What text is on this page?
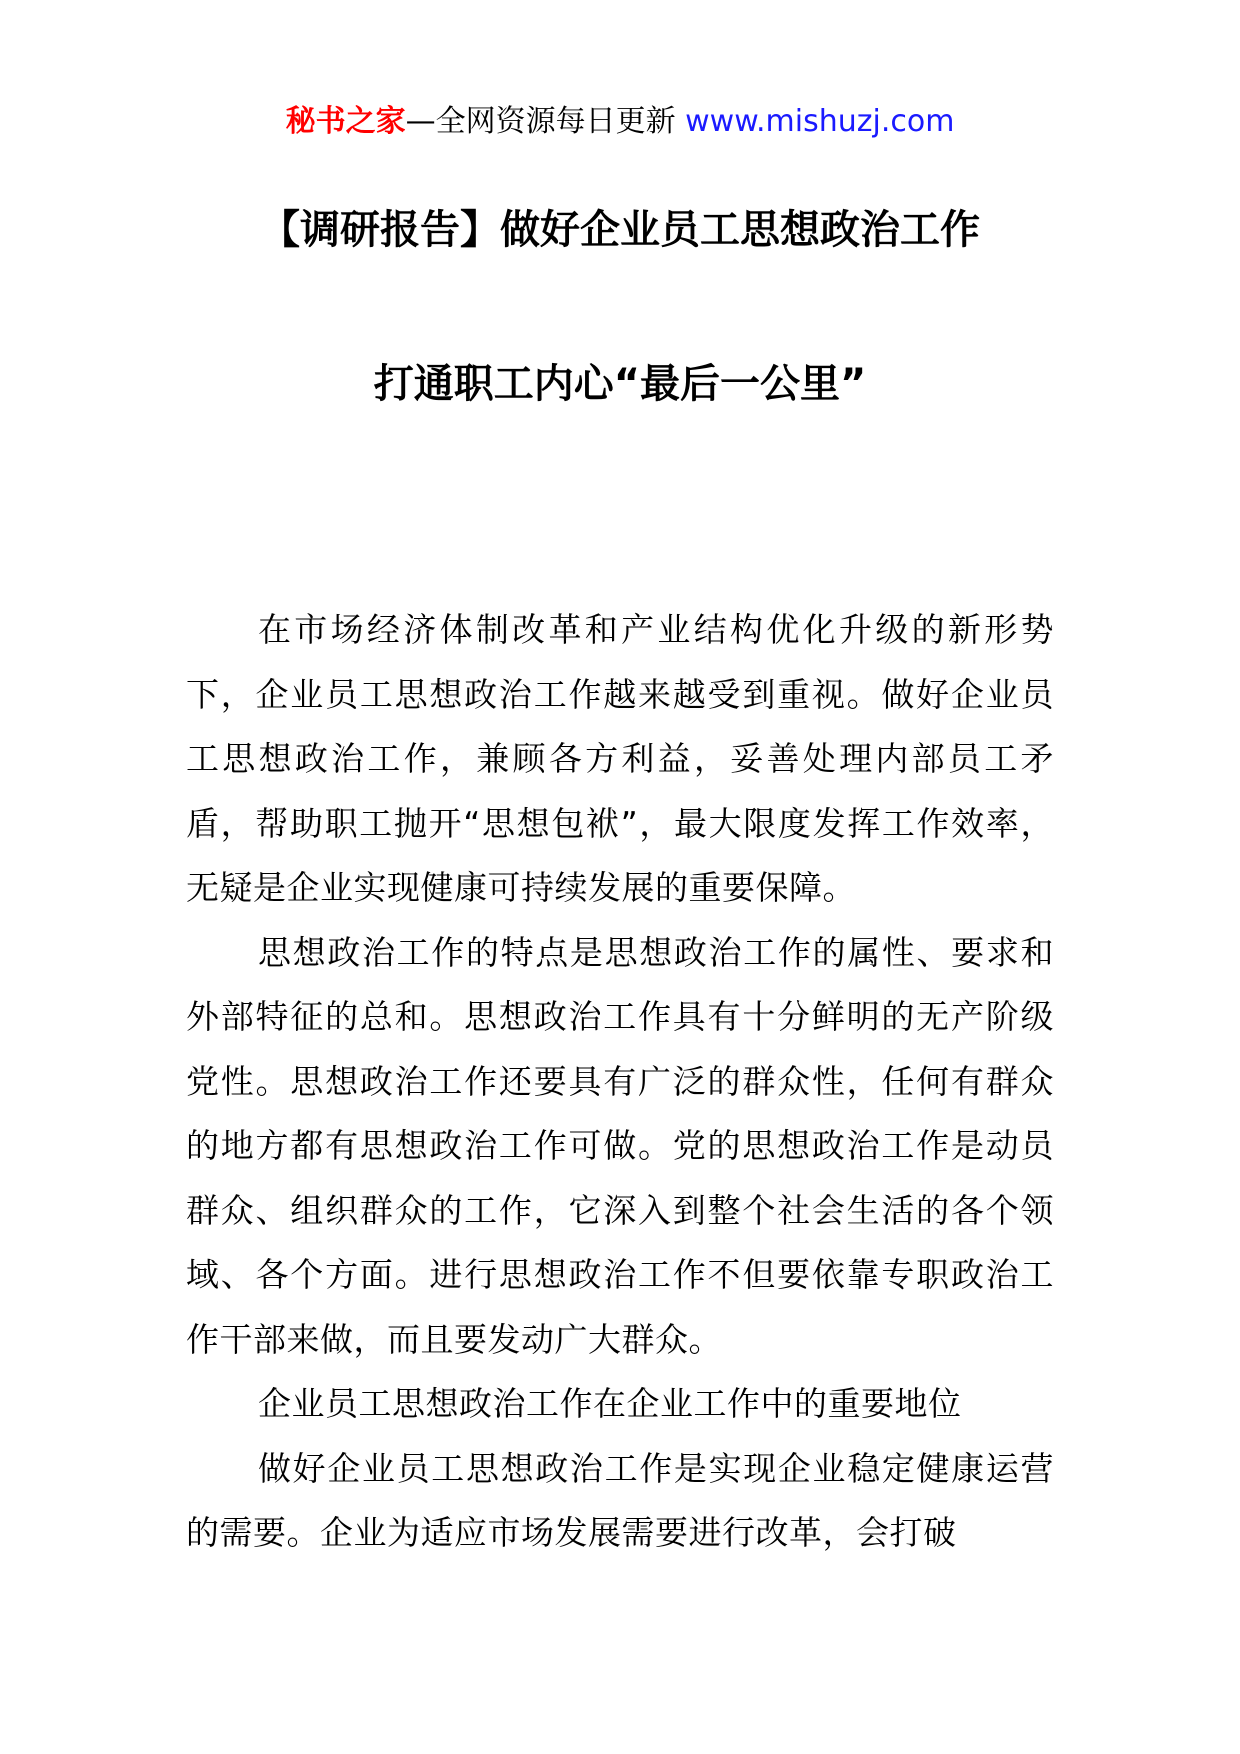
秘书之家—全网资源每日更新 www.mishuzj.com
【调研报告】做好企业员工思想政治工作
打通职工内心“最后一公里”

在市场经济体制改革和产业结构优化升级的新形势下，企业员工思想政治工作越来越受到重视。做好企业员工思想政治工作，兼顾各方利益，妥善处理内部员工矛盾，帮助职工抛开“思想包袱”，最大限度发挥工作效率，无疑是企业实现健康可持续发展的重要保障。

思想政治工作的特点是思想政治工作的属性、要求和外部特征的总和。思想政治工作具有十分鲜明的无产阶级党性。思想政治工作还要具有广泛的群众性，任何有群众的地方都有思想政治工作可做。党的思想政治工作是动员群众、组织群众的工作，它深入到整个社会生活的各个领域、各个方面。进行思想政治工作不但要依靠专职政治工作干部来做，而且要发动广大群众。

企业员工思想政治工作在企业工作中的重要地位

做好企业员工思想政治工作是实现企业稳定健康运营的需要。企业为适应市场发展需要进行改革，会打破
